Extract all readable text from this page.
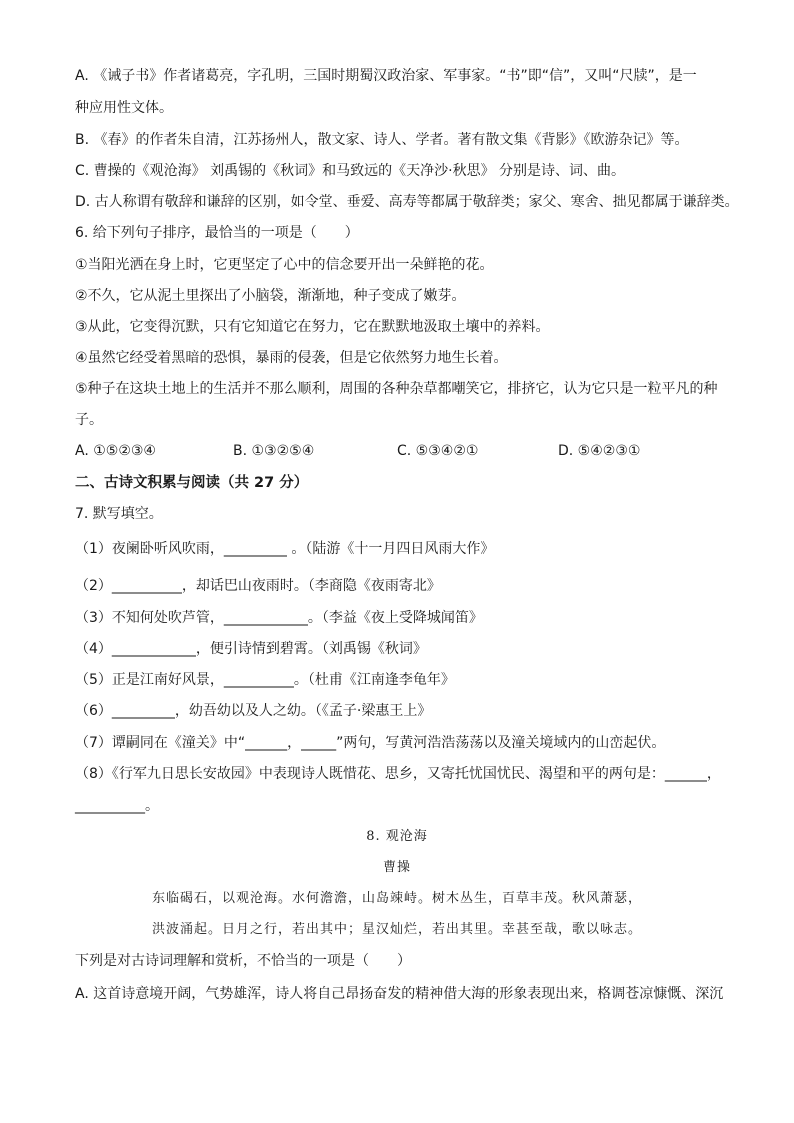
A. 《诫子书》作者诸葛亮，字孔明，三国时期蜀汉政治家、军事家。“书”即“信”，又叫“尺牍”，是一
种应用性文体。
B. 《春》的作者朱自清，江苏扬州人，散文家、诗人、学者。著有散文集《背影》《欧游杂记》等。
C. 曹操的《观沧海》 刘禹锡的《秋词》和马致远的《天净沙·秋思》 分别是诗、词、曲。
D. 古人称谓有敬辞和谦辞的区别，如令堂、垂爱、高寿等都属于敬辞类；家父、寒舍、拙见都属于谦辞类。
6. 给下列句子排序，最恰当的一项是（　　）
①当阳光洒在身上时，它更坚定了心中的信念要开出一朵鲜艳的花。
②不久，它从泥土里探出了小脑袋，渐渐地，种子变成了嫩芽。
③从此，它变得沉默，只有它知道它在努力，它在默默地汲取土壤中的养料。
④虽然它经受着黑暗的恐惧，暴雨的侵袭，但是它依然努力地生长着。
⑤种子在这块土地上的生活并不那么顺利，周围的各种杂草都嘲笑它，排挤它，认为它只是一粒平凡的种
子。
A. ①⑤②③④	B. ①③②⑤④	C. ⑤③④②①	D. ⑤④②③①
二、古诗文积累与阅读（共 27 分）
7. 默写填空。
（1）夜阑卧听风吹雨，_________ 。（陆游《十一月四日风雨大作》
（2）__________，却话巴山夜雨时。（李商隐《夜雨寄北》
（3）不知何处吹芦管，____________。（李益《夜上受降城闻笛》
（4）____________，便引诗情到碧霄。（刘禹锡《秋词》
（5）正是江南好风景，__________。（杜甫《江南逢李龟年》
（6）_________，幼吾幼以及人之幼。（《孟子·梁惠王上》
（7）谭嗣同在《潼关》中“______，_____”两句，写黄河浩浩荡荡以及潼关境域内的山峦起伏。
（8）《行军九日思长安故园》中表现诗人既惜花、思乡，又寄托忧国忧民、渴望和平的两句是：______，
__________。
8. 观沧海
曹操
东临碣石，以观沧海。水何澹澹，山岛竦峙。树木丛生，百草丰茂。秋风萧瑟，
洪波涌起。日月之行，若出其中；星汉灿烂，若出其里。幸甚至哉，歌以咏志。
下列是对古诗词理解和赏析，不恰当的一项是（　　）
A. 这首诗意境开阔，气势雄浑，诗人将自己昂扬奋发的精神借大海的形象表现出来，格调苍凉慷慨、深沉
